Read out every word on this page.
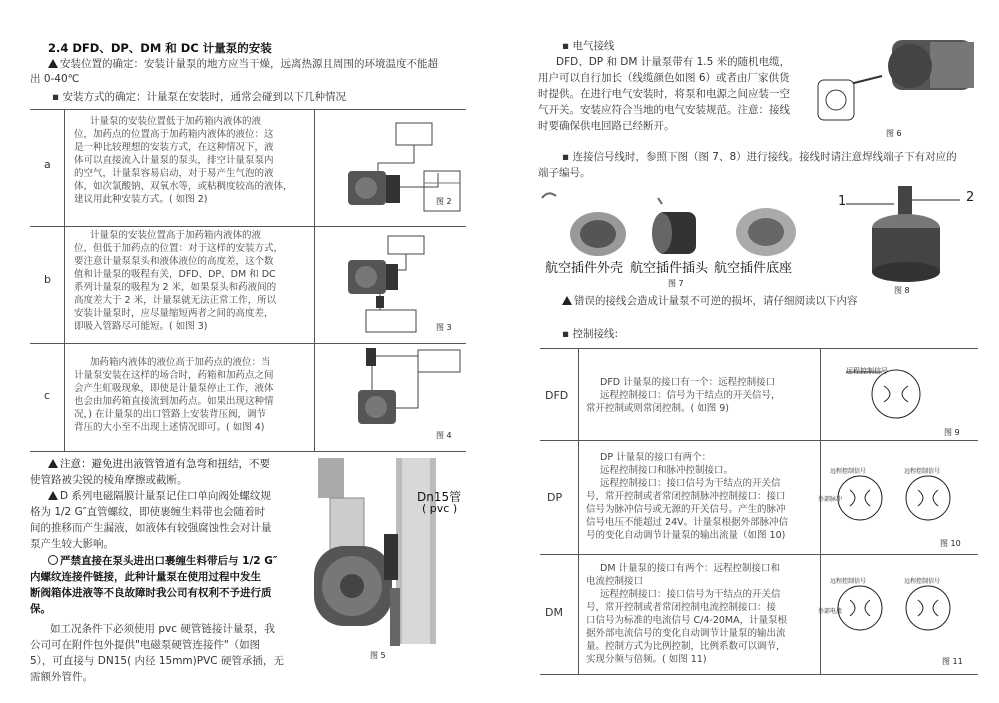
2.4 DFD、DP、DM 和 DC 计量泵的安装
安装位置的确定：安装计量泵的地方应当干燥，远离热源且周围的环境温度不能超
出 0-40℃
▪ 安装方式的确定：计量泵在安装时，通常会碰到以下几种情况
a
计量泵的安装位置低于加药箱内液体的液
位，加药点的位置高于加药箱内液体的液位：这
是一种比较理想的安装方式，在这种情况下，液
体可以直接流入计量泵的泵头，排空计量泵泵内
的空气，计量泵容易启动，对于易产生气泡的液
体，如次氯酸钠、双氧水等，或粘稠度较高的液体，
建议用此种安装方式。( 如图 2)	图 2
b
计量泵的安装位置高于加药箱内液体的液
位，但低于加药点的位置：对于这样的安装方式，
要注意计量泵泵头和液体液位的高度差，这个数
值和计量泵的吸程有关，DFD、DP、DM 和 DC
系列计量泵的吸程为 2 米，如果泵头和药液间的
高度差大于 2 米，计量泵就无法正常工作，所以
安装计量泵时，应尽量缩短两者之间的高度差，
即吸入管路尽可能短。( 如图 3)	图 3
c
加药箱内液体的液位高于加药点的液位：当
计量泵安装在这样的场合时，药箱和加药点之间
会产生虹吸现象，即使是计量泵停止工作，液体
也会由加药箱直接流到加药点。如果出现这种情
况，) 在计量泵的出口管路上安装背压阀，调节
背压的大小至不出现上述情况即可。( 如图 4)
图 4
注意：避免进出液管管道有急弯和扭结，不要
使管路被尖锐的棱角摩擦或截断。
D 系列电磁隔膜计量泵记住口单向阀处螺纹规
格为 1/2 G″直管螺纹，即使裹缠生料带也会随着时
间的推移而产生漏液，如液体有较强腐蚀性会对计量
泵产生较大影响。
严禁直接在泵头进出口裹缠生料带后与 1/2 G″
内螺纹连接件链接，此种计量泵在使用过程中发生
断阀箱体进液等不良故障时我公司有权利不予进行质
保。
如工况条件下必须使用 pvc 硬管链接计量泵，我
公司可在附件包外提供"电磁泵硬管连接件"（如图
5），可直接与 DN15( 内径 15mm)PVC 硬管承插，无
需额外管件。
Dn15管
( pvc )
图 5
▪ 电气接线
DFD、DP 和 DM 计量泵带有 1.5 米的随机电缆，
用户可以自行加长（线缆颜色如图 6）或者由厂家供货
时提供。在进行电气安装时，将泵和电源之间应装一空
气开关。安装应符合当地的电气安装规范。注意：接线
时要确保供电回路已经断开。
图 6
▪ 连接信号线时，参照下图（图 7、8）进行接线。接线时请注意焊线端子下有对应的
端子编号。
航空插件外壳 航空插件插头 航空插件底座
图 7
1	2
图 8
错误的接线会造成计量泵不可逆的损坏，请仔细阅读以下内容
▪ 控制接线:
DFD
DFD 计量泵的接口有一个：远程控制接口
远程控制接口：信号为干结点的开关信号，
常开控制或则常闭控制。( 如图 9)
远程控制信号
图 9
DP
DP 计量泵的接口有两个：
远程控制接口和脉冲控制接口。
远程控制接口：接口信号为干结点的开关信
号，常开控制或者常闭控制脉冲控制接口：接口
信号为脉冲信号或无源的开关信号。产生的脉冲
信号电压不能超过 24V。计量泵根据外部脉冲信
号的变化自动调节计量泵的输出流量（如图 10)
远程控制信号	远程控制信号
外部脉冲
图 10
DM
DM 计量泵的接口有两个：远程控制接口和
电流控制接口
远程控制接口：接口信号为干结点的开关信
号，常开控制或者常闭控制电流控制接口：接
口信号为标准的电流信号 C/4-20MA，计量泵根
据外部电流信号的变化自动调节计量泵的输出流
量。控制方式为比例控制，比例系数可以调节，
实现分频与倍频。( 如图 11)
远程控制信号	远程控制信号
外部电流
图 11
